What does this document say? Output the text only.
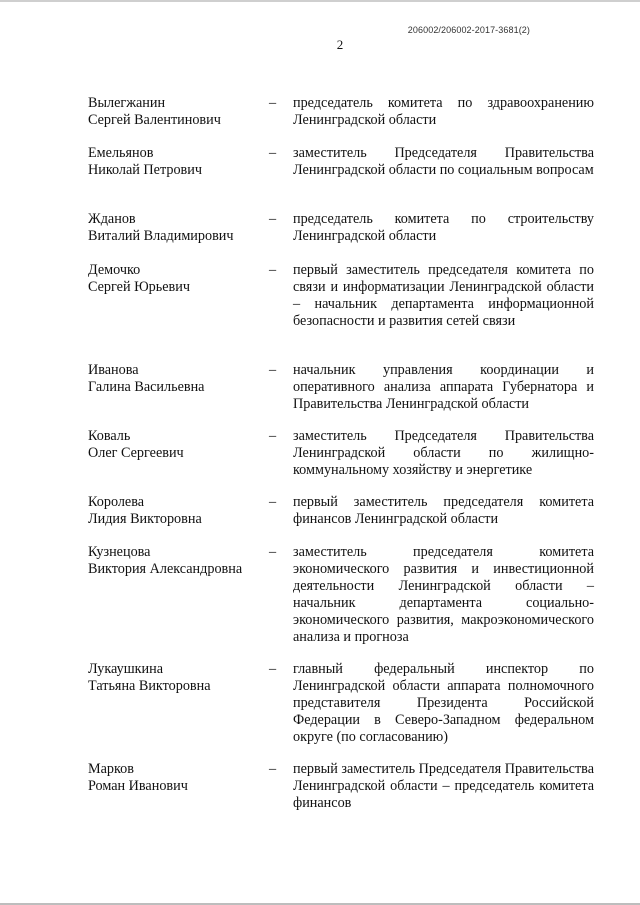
206002/206002-2017-3681(2)
2
Вылегжанин
Сергей Валентинович
– председатель комитета по здравоохранению Ленинградской области
Емельянов
Николай Петрович
– заместитель Председателя Правительства Ленинградской области по социальным вопросам
Жданов
Виталий Владимирович
– председатель комитета по строительству Ленинградской области
Демочко
Сергей Юрьевич
– первый заместитель председателя комитета по связи и информатизации Ленинградской области – начальник департамента информационной безопасности и развития сетей связи
Иванова
Галина Васильевна
– начальник управления координации и оперативного анализа аппарата Губернатора и Правительства Ленинградской области
Коваль
Олег Сергеевич
– заместитель Председателя Правительства Ленинградской области по жилищно-коммунальному хозяйству и энергетике
Королева
Лидия Викторовна
– первый заместитель председателя комитета финансов Ленинградской области
Кузнецова
Виктория Александровна
– заместитель председателя комитета экономического развития и инвестиционной деятельности Ленинградской области – начальник департамента социально-экономического развития, макроэкономического анализа и прогноза
Лукаушкина
Татьяна Викторовна
– главный федеральный инспектор по Ленинградской области аппарата полномочного представителя Президента Российской Федерации в Северо-Западном федеральном округе (по согласованию)
Марков
Роман Иванович
– первый заместитель Председателя Правительства Ленинградской области – председатель комитета финансов
